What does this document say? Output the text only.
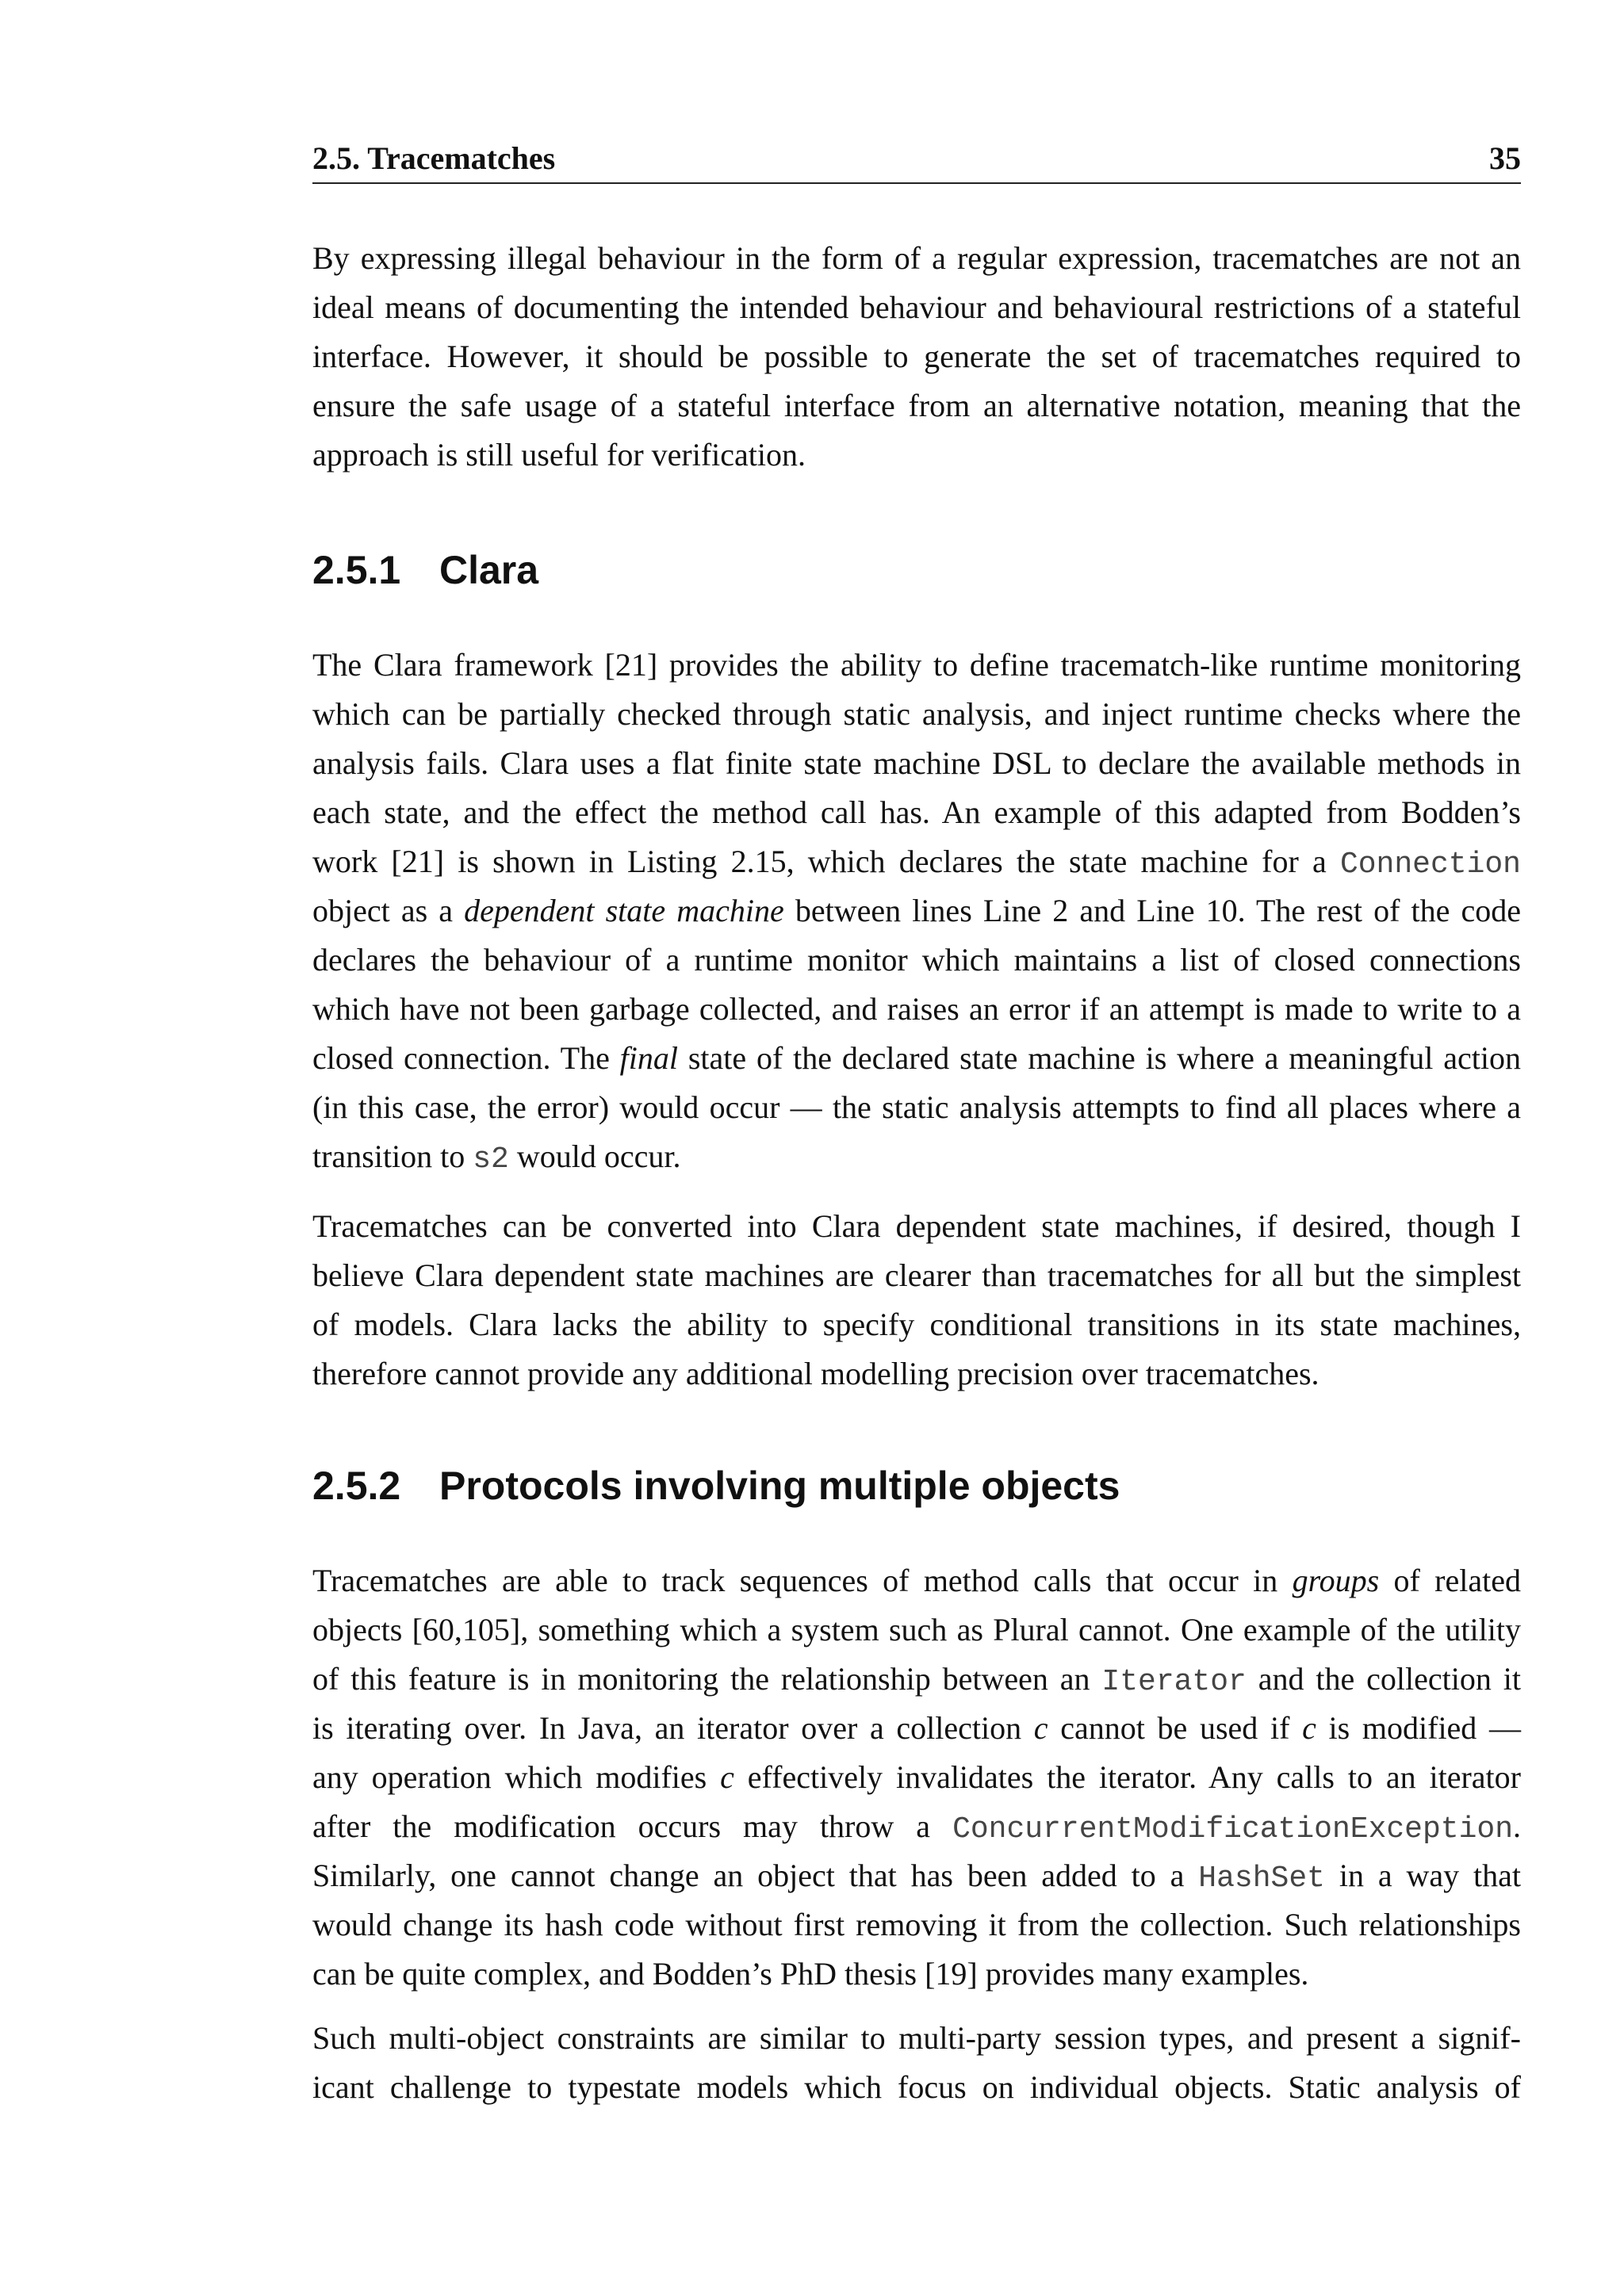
2.5. Tracematches	35
By expressing illegal behaviour in the form of a regular expression, tracematches are not an
ideal means of documenting the intended behaviour and behavioural restrictions of a stateful
interface. However, it should be possible to generate the set of tracematches required to
ensure the safe usage of a stateful interface from an alternative notation, meaning that the
approach is still useful for verification.
2.5.1 Clara
The Clara framework [21] provides the ability to define tracematch-like runtime monitoring
which can be partially checked through static analysis, and inject runtime checks where the
analysis fails. Clara uses a flat finite state machine DSL to declare the available methods in
each state, and the effect the method call has. An example of this adapted from Bodden’s
work [21] is shown in Listing 2.15, which declares the state machine for a Connection
object as a dependent state machine between lines Line 2 and Line 10. The rest of the code
declares the behaviour of a runtime monitor which maintains a list of closed connections
which have not been garbage collected, and raises an error if an attempt is made to write to a
closed connection. The final state of the declared state machine is where a meaningful action
(in this case, the error) would occur — the static analysis attempts to find all places where a
transition to s2 would occur.
Tracematches can be converted into Clara dependent state machines, if desired, though I
believe Clara dependent state machines are clearer than tracematches for all but the simplest
of models. Clara lacks the ability to specify conditional transitions in its state machines,
therefore cannot provide any additional modelling precision over tracematches.
2.5.2 Protocols involving multiple objects
Tracematches are able to track sequences of method calls that occur in groups of related
objects [60,105], something which a system such as Plural cannot. One example of the utility
of this feature is in monitoring the relationship between an Iterator and the collection it
is iterating over. In Java, an iterator over a collection c cannot be used if c is modified —
any operation which modifies c effectively invalidates the iterator. Any calls to an iterator
after the modification occurs may throw a ConcurrentModificationException.
Similarly, one cannot change an object that has been added to a HashSet in a way that
would change its hash code without first removing it from the collection. Such relationships
can be quite complex, and Bodden’s PhD thesis [19] provides many examples.
Such multi-object constraints are similar to multi-party session types, and present a signif-
icant challenge to typestate models which focus on individual objects. Static analysis of
